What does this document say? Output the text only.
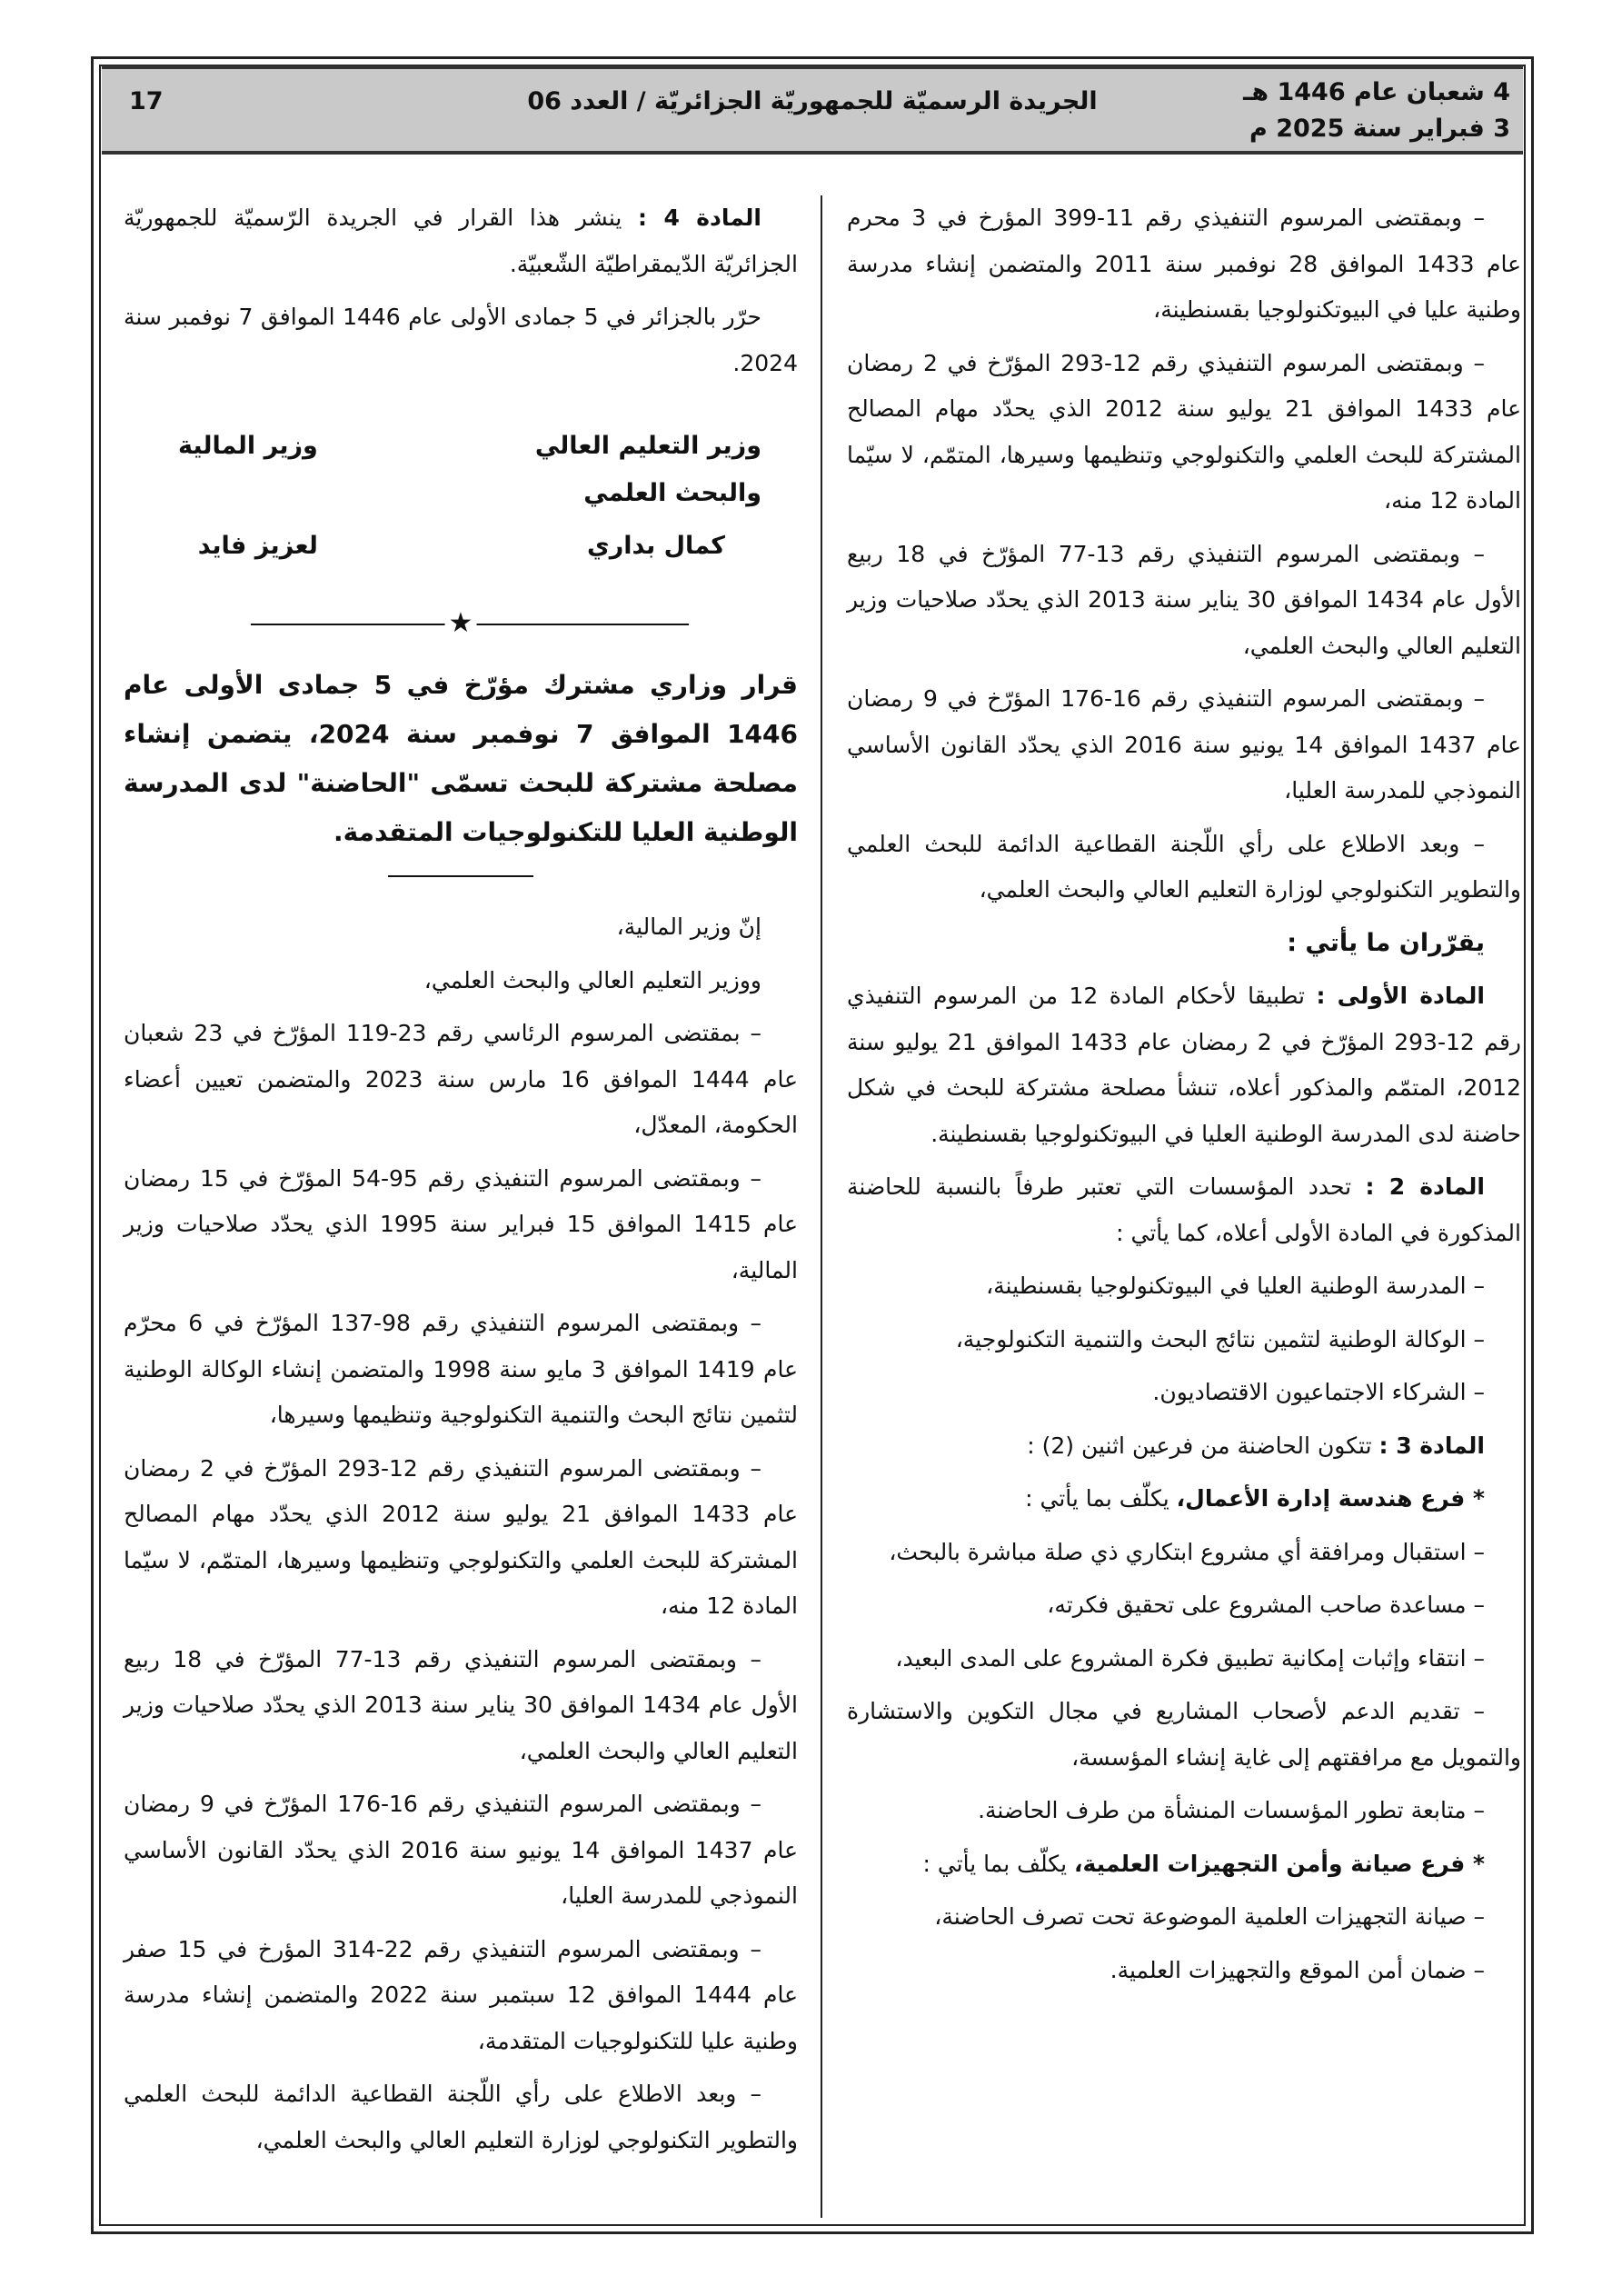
4 شعبان عام 1446 هـ
3 فبراير سنة 2025 م
الجريدة الرسميّة للجمهوريّة الجزائريّة / العدد 06
17

– وبمقتضى المرسوم التنفيذي رقم 11-399 المؤرخ في 3 محرم عام 1433 الموافق 28 نوفمبر سنة 2011 والمتضمن إنشاء مدرسة وطنية عليا في البيوتكنولوجيا بقسنطينة،

– وبمقتضى المرسوم التنفيذي رقم 12-293 المؤرّخ في 2 رمضان عام 1433 الموافق 21 يوليو سنة 2012 الذي يحدّد مهام المصالح المشتركة للبحث العلمي والتكنولوجي وتنظيمها وسيرها، المتمّم، لا سيّما المادة 12 منه،

– وبمقتضى المرسوم التنفيذي رقم 13-77 المؤرّخ في 18 ربيع الأول عام 1434 الموافق 30 يناير سنة 2013 الذي يحدّد صلاحيات وزير التعليم العالي والبحث العلمي،

– وبمقتضى المرسوم التنفيذي رقم 16-176 المؤرّخ في 9 رمضان عام 1437 الموافق 14 يونيو سنة 2016 الذي يحدّد القانون الأساسي النموذجي للمدرسة العليا،

– وبعد الاطلاع على رأي اللّجنة القطاعية الدائمة للبحث العلمي والتطوير التكنولوجي لوزارة التعليم العالي والبحث العلمي،

يقرّران ما يأتي :

المادة الأولى : تطبيقا لأحكام المادة 12 من المرسوم التنفيذي رقم 12-293 المؤرّخ في 2 رمضان عام 1433 الموافق 21 يوليو سنة 2012، المتمّم والمذكور أعلاه، تنشأ مصلحة مشتركة للبحث في شكل حاضنة لدى المدرسة الوطنية العليا في البيوتكنولوجيا بقسنطينة.

المادة 2 : تحدد المؤسسات التي تعتبر طرفاً بالنسبة للحاضنة المذكورة في المادة الأولى أعلاه، كما يأتي :

– المدرسة الوطنية العليا في البيوتكنولوجيا بقسنطينة،

– الوكالة الوطنية لتثمين نتائج البحث والتنمية التكنولوجية،

– الشركاء الاجتماعيون الاقتصاديون.

المادة 3 : تتكون الحاضنة من فرعين اثنين (2) :

* فرع هندسة إدارة الأعمال، يكلّف بما يأتي :

– استقبال ومرافقة أي مشروع ابتكاري ذي صلة مباشرة بالبحث،

– مساعدة صاحب المشروع على تحقيق فكرته،

– انتقاء وإثبات إمكانية تطبيق فكرة المشروع على المدى البعيد،

– تقديم الدعم لأصحاب المشاريع في مجال التكوين والاستشارة والتمويل مع مرافقتهم إلى غاية إنشاء المؤسسة،

– متابعة تطور المؤسسات المنشأة من طرف الحاضنة.

* فرع صيانة وأمن التجهيزات العلمية، يكلّف بما يأتي :

– صيانة التجهيزات العلمية الموضوعة تحت تصرف الحاضنة،

– ضمان أمن الموقع والتجهيزات العلمية.

المادة 4 : ينشر هذا القرار في الجريدة الرّسميّة للجمهوريّة الجزائريّة الدّيمقراطيّة الشّعبيّة.

حرّر بالجزائر في 5 جمادى الأولى عام 1446 الموافق 7 نوفمبر سنة 2024.

وزير التعليم العالي والبحث العلمي
كمال بداري
وزير المالية
لعزيز فايد
★

قرار وزاري مشترك مؤرّخ في 5 جمادى الأولى عام 1446 الموافق 7 نوفمبر سنة 2024، يتضمن إنشاء مصلحة مشتركة للبحث تسمّى "الحاضنة" لدى المدرسة الوطنية العليا للتكنولوجيات المتقدمة.

إنّ وزير المالية،

ووزير التعليم العالي والبحث العلمي،

– بمقتضى المرسوم الرئاسي رقم 23-119 المؤرّخ في 23 شعبان عام 1444 الموافق 16 مارس سنة 2023 والمتضمن تعيين أعضاء الحكومة، المعدّل،

– وبمقتضى المرسوم التنفيذي رقم 95-54 المؤرّخ في 15 رمضان عام 1415 الموافق 15 فبراير سنة 1995 الذي يحدّد صلاحيات وزير المالية،

– وبمقتضى المرسوم التنفيذي رقم 98-137 المؤرّخ في 6 محرّم عام 1419 الموافق 3 مايو سنة 1998 والمتضمن إنشاء الوكالة الوطنية لتثمين نتائج البحث والتنمية التكنولوجية وتنظيمها وسيرها،

– وبمقتضى المرسوم التنفيذي رقم 12-293 المؤرّخ في 2 رمضان عام 1433 الموافق 21 يوليو سنة 2012 الذي يحدّد مهام المصالح المشتركة للبحث العلمي والتكنولوجي وتنظيمها وسيرها، المتمّم، لا سيّما المادة 12 منه،

– وبمقتضى المرسوم التنفيذي رقم 13-77 المؤرّخ في 18 ربيع الأول عام 1434 الموافق 30 يناير سنة 2013 الذي يحدّد صلاحيات وزير التعليم العالي والبحث العلمي،

– وبمقتضى المرسوم التنفيذي رقم 16-176 المؤرّخ في 9 رمضان عام 1437 الموافق 14 يونيو سنة 2016 الذي يحدّد القانون الأساسي النموذجي للمدرسة العليا،

– وبمقتضى المرسوم التنفيذي رقم 22-314 المؤرخ في 15 صفر عام 1444 الموافق 12 سبتمبر سنة 2022 والمتضمن إنشاء مدرسة وطنية عليا للتكنولوجيات المتقدمة،

– وبعد الاطلاع على رأي اللّجنة القطاعية الدائمة للبحث العلمي والتطوير التكنولوجي لوزارة التعليم العالي والبحث العلمي،
